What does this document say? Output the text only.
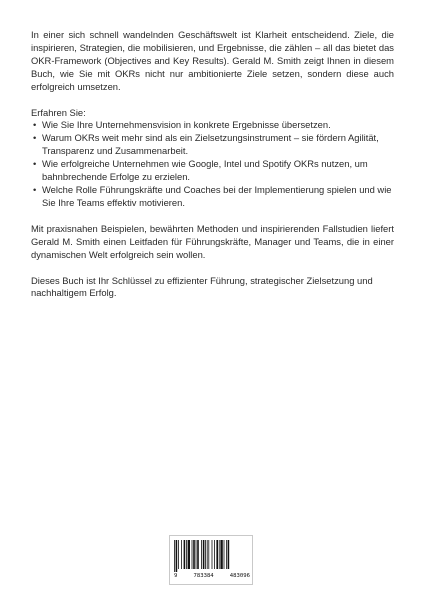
In einer sich schnell wandelnden Geschäftswelt ist Klarheit entscheidend. Ziele, die inspirieren, Strategien, die mobilisieren, und Ergebnisse, die zählen – all das bietet das OKR-Framework (Objectives and Key Results). Gerald M. Smith zeigt Ihnen in diesem Buch, wie Sie mit OKRs nicht nur ambitionierte Ziele setzen, sondern diese auch erfolgreich umsetzen.

Erfahren Sie:

• Wie Sie Ihre Unternehmensvision in konkrete Ergebnisse übersetzen.
• Warum OKRs weit mehr sind als ein Zielsetzungsinstrument – sie fördern Agilität, Transparenz und Zusammenarbeit.
• Wie erfolgreiche Unternehmen wie Google, Intel und Spotify OKRs nutzen, um bahnbrechende Erfolge zu erzielen.
• Welche Rolle Führungskräfte und Coaches bei der Implementierung spielen und wie Sie Ihre Teams effektiv motivieren.

Mit praxisnahen Beispielen, bewährten Methoden und inspirierenden Fallstudien liefert Gerald M. Smith einen Leitfaden für Führungskräfte, Manager und Teams, die in einer dynamischen Welt erfolgreich sein wollen.

Dieses Buch ist Ihr Schlüssel zu effizienter Führung, strategischer Zielsetzung und nachhaltigem Erfolg.

9	783384	483096
